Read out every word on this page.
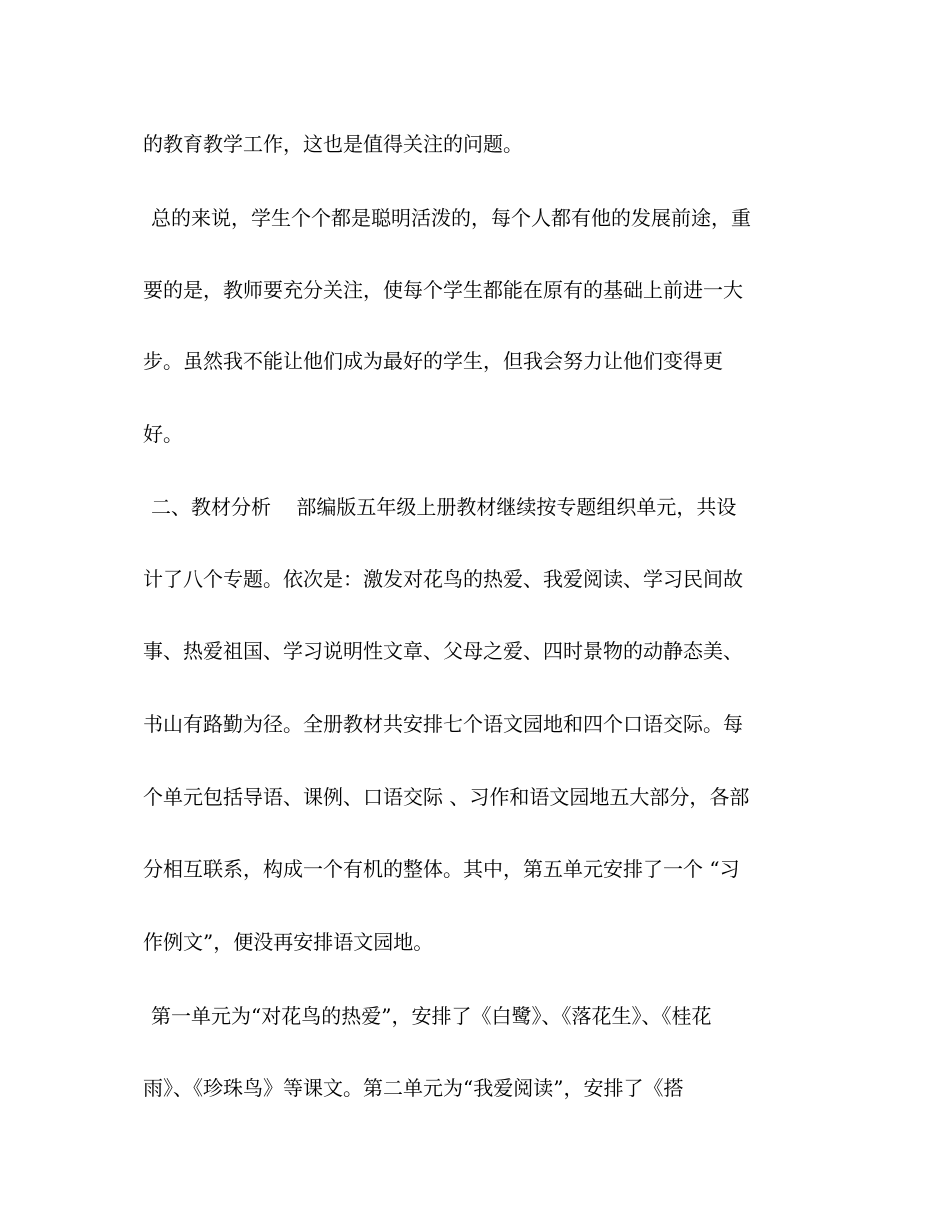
的教育教学工作，这也是值得关注的问题。
总的来说，学生个个都是聪明活泼的，每个人都有他的发展前途，重
要的是，教师要充分关注，使每个学生都能在原有的基础上前进一大
步。虽然我不能让他们成为最好的学生，但我会努力让他们变得更
好。
二、教材分析    部编版五年级上册教材继续按专题组织单元，共设
计了八个专题。依次是：激发对花鸟的热爱、我爱阅读、学习民间故
事、热爱祖国、学习说明性文章、父母之爱、四时景物的动静态美、
书山有路勤为径。全册教材共安排七个语文园地和四个口语交际。每
个单元包括导语、课例、口语交际 、习作和语文园地五大部分，各部
分相互联系，构成一个有机的整体。其中，第五单元安排了一个 “习
作例文”，便没再安排语文园地。
第一单元为“对花鸟的热爱”，安排了《白鹭》、《落花生》、《桂花
雨》、《珍珠鸟》等课文。第二单元为“我爱阅读”，安排了《搭
